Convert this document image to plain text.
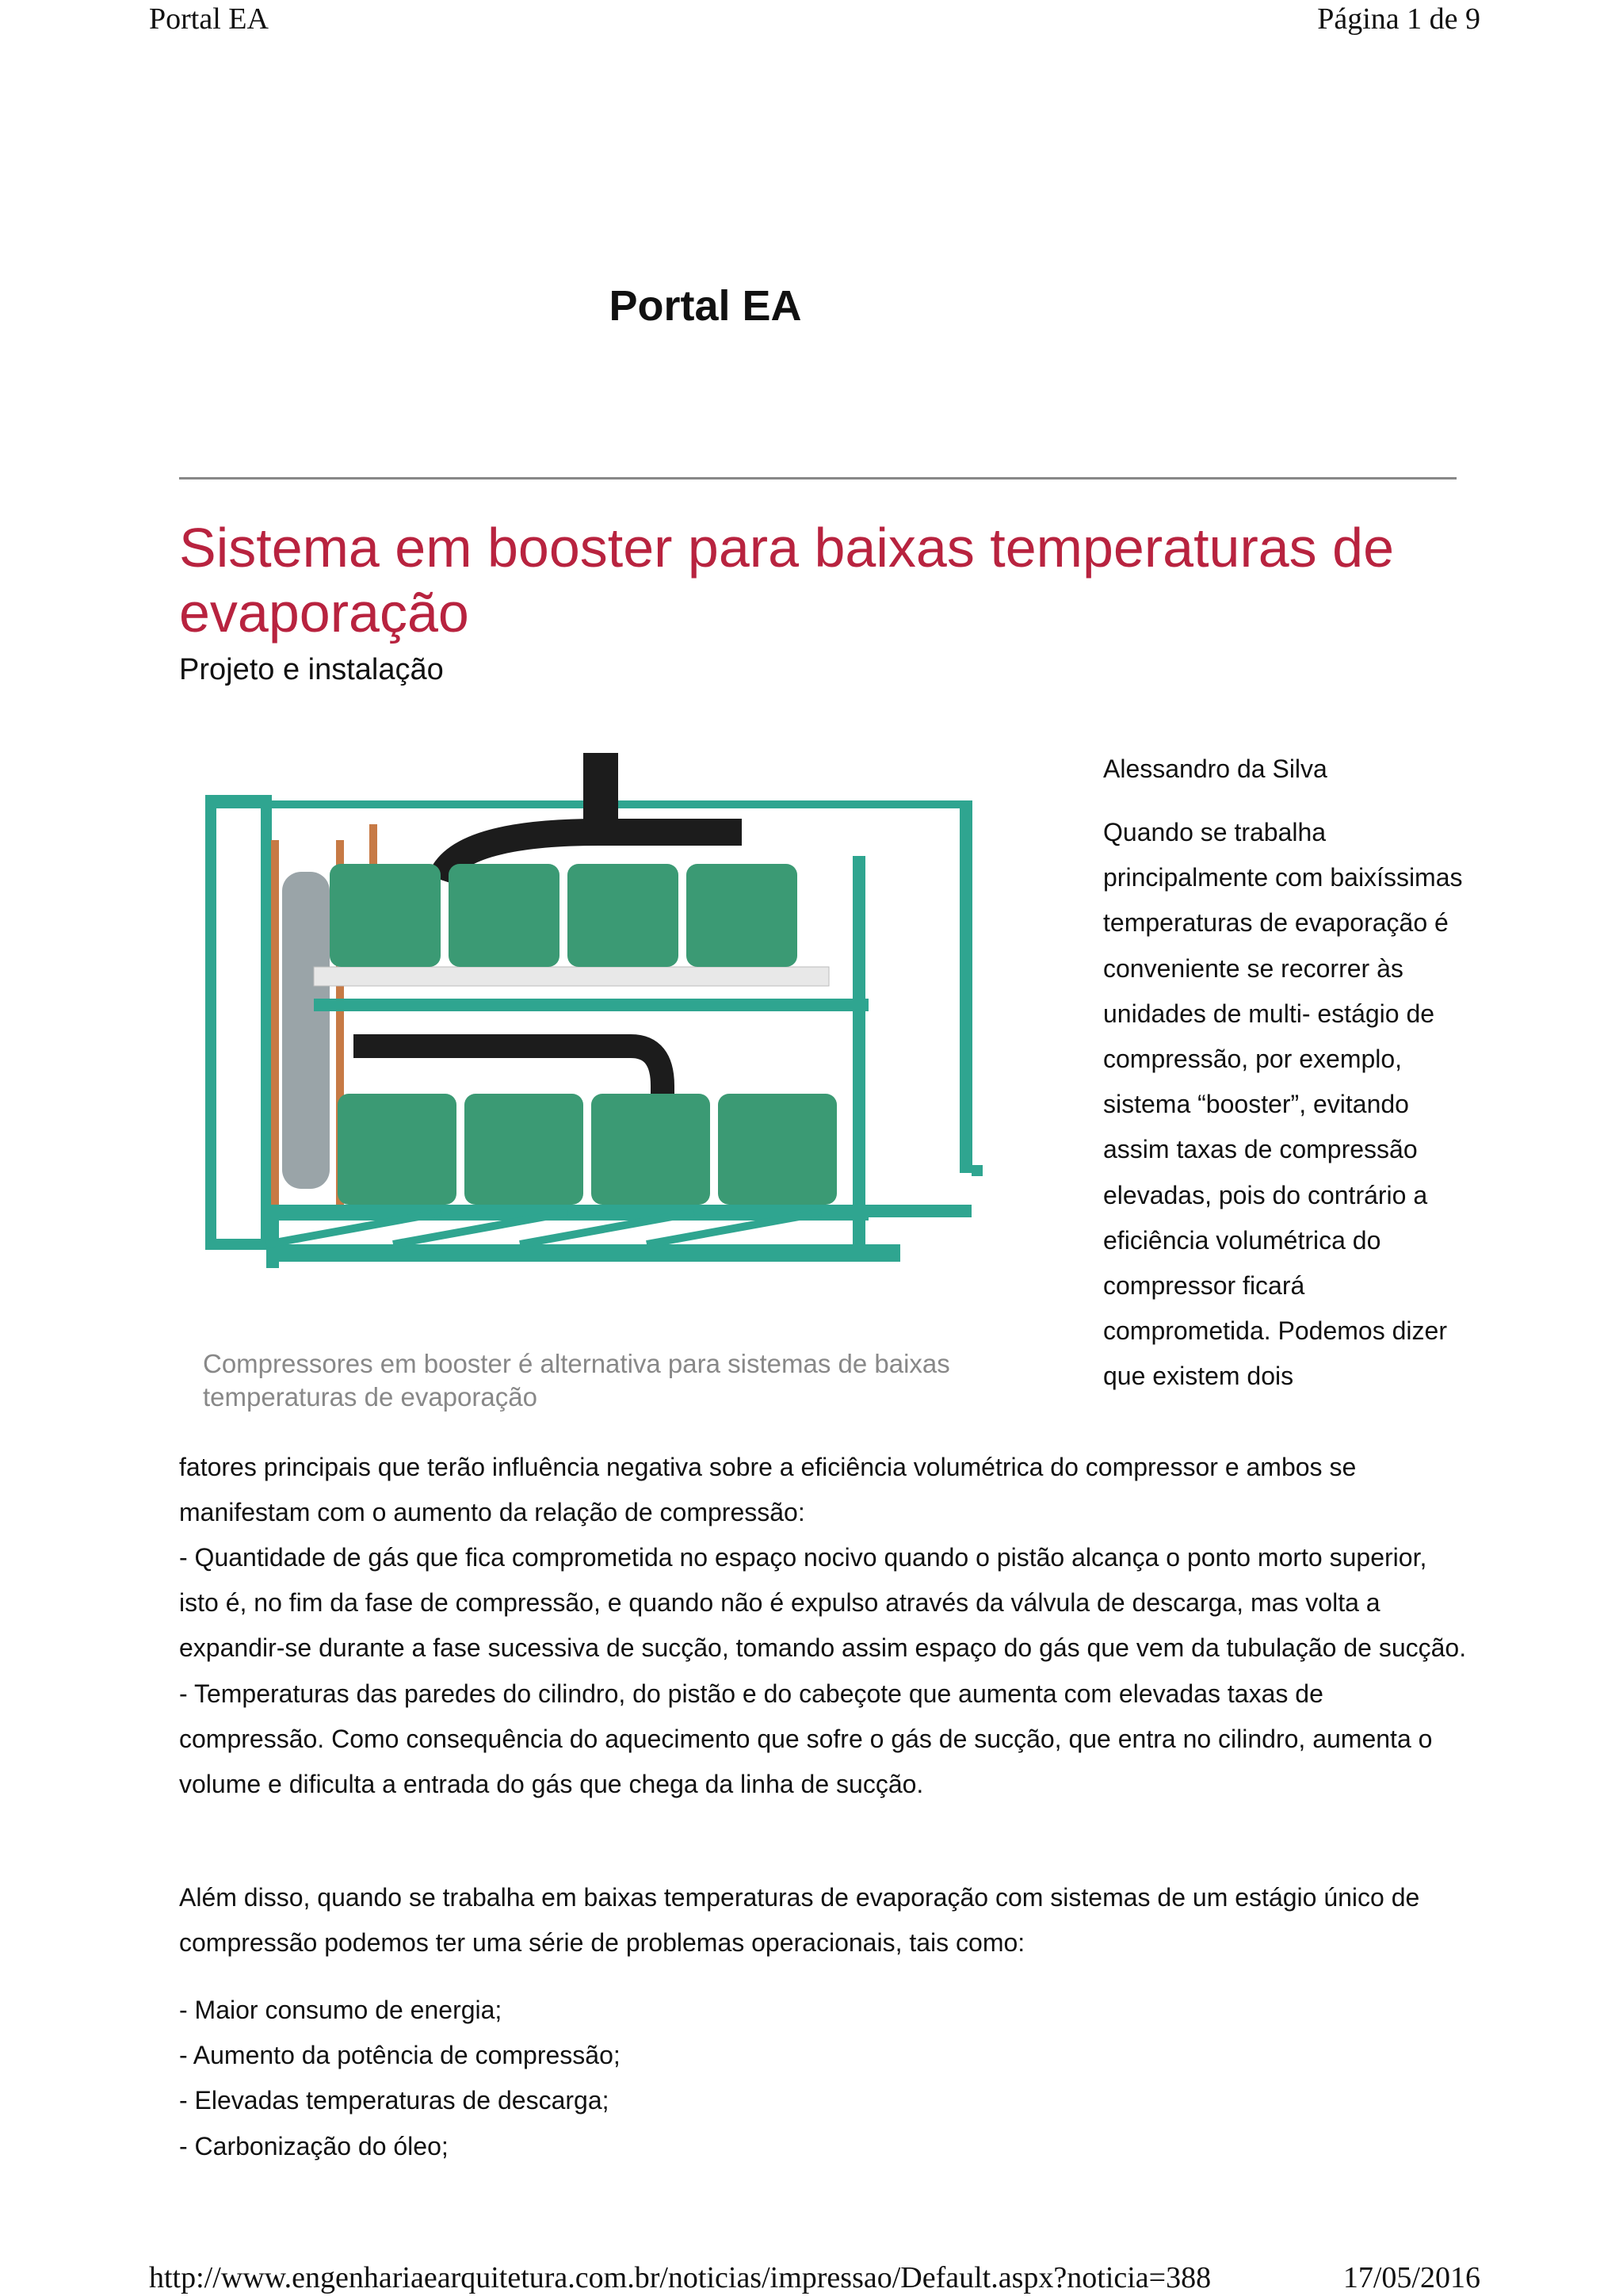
Portal EA	Página 1 de 9
Portal EA
Sistema em booster para baixas temperaturas de evaporação

Projeto e instalação

Compressores em booster é alternativa para sistemas de baixas temperaturas de evaporação

Alessandro da Silva

Quando se trabalha principalmente com baixíssimas temperaturas de evaporação é conveniente se recorrer às unidades de multi- estágio de compressão, por exemplo, sistema “booster”, evitando assim taxas de compressão elevadas, pois do contrário a eficiência volumétrica do compressor ficará comprometida. Podemos dizer que existem dois

fatores principais que terão influência negativa sobre a eficiência volumétrica do compressor e ambos se manifestam com o aumento da relação de compressão:

- Quantidade de gás que fica comprometida no espaço nocivo quando o pistão alcança o ponto morto superior, isto é, no fim da fase de compressão, e quando não é expulso através da válvula de descarga, mas volta a expandir-se durante a fase sucessiva de sucção, tomando assim espaço do gás que vem da tubulação de sucção.
- Temperaturas das paredes do cilindro, do pistão e do cabeçote que aumenta com elevadas taxas de compressão. Como consequência do aquecimento que sofre o gás de sucção, que entra no cilindro, aumenta o volume e dificulta a entrada do gás que chega da linha de sucção.

Além disso, quando se trabalha em baixas temperaturas de evaporação com sistemas de um estágio único de compressão podemos ter uma série de problemas operacionais, tais como:

- Maior consumo de energia;
- Aumento da potência de compressão;
- Elevadas temperaturas de descarga;
- Carbonização do óleo;
http://www.engenhariaearquitetura.com.br/noticias/impressao/Default.aspx?noticia=388	17/05/2016
